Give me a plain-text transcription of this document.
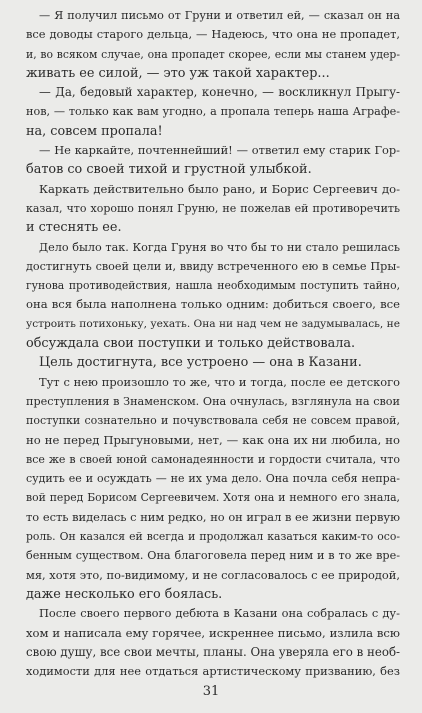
— Я получил письмо от Груни и ответил ей, — сказал он на
все доводы старого дельца, — Надеюсь, что она не пропадет,
и, во всяком случае, она пропадет скорее, если мы станем удер-
живать ее силой, — это уж такой характер...
— Да, бедовый характер, конечно, — воскликнул Прыгу-
нов, — только как вам угодно, а пропала теперь наша Аграфе-
на, совсем пропала!
— Не каркайте, почтеннейший! — ответил ему старик Гор-
батов со своей тихой и грустной улыбкой.
Каркать действительно было рано, и Борис Сергеевич до-
казал, что хорошо понял Груню, не пожелав ей противоречить
и стеснять ее.
Дело было так. Когда Груня во что бы то ни стало решилась
достигнуть своей цели и, ввиду встреченного ею в семье Пры-
гунова противодействия, нашла необходимым поступить тайно,
она вся была наполнена только одним: добиться своего, все
устроить потихоньку, уехать. Она ни над чем не задумывалась, не
обсуждала свои поступки и только действовала.
Цель достигнута, все устроено — она в Казани.
Тут с нею произошло то же, что и тогда, после ее детского
преступления в Знаменском. Она очнулась, взглянула на свои
поступки сознательно и почувствовала себя не совсем правой,
но не перед Прыгуновыми, нет, — как она их ни любила, но
все же в своей юной самонадеянности и гордости считала, что
судить ее и осуждать — не их ума дело. Она почла себя непра-
вой перед Борисом Сергеевичем. Хотя она и немного его знала,
то есть виделась с ним редко, но он играл в ее жизни первую
роль. Он казался ей всегда и продолжал казаться каким-то осо-
бенным существом. Она благоговела перед ним и в то же вре-
мя, хотя это, по-видимому, и не согласовалось с ее природой,
даже несколько его боялась.
После своего первого дебюта в Казани она собралась с ду-
хом и написала ему горячее, искреннее письмо, излила всю
свою душу, все свои мечты, планы. Она уверяла его в необ-
ходимости для нее отдаться артистическому призванию, без
31
